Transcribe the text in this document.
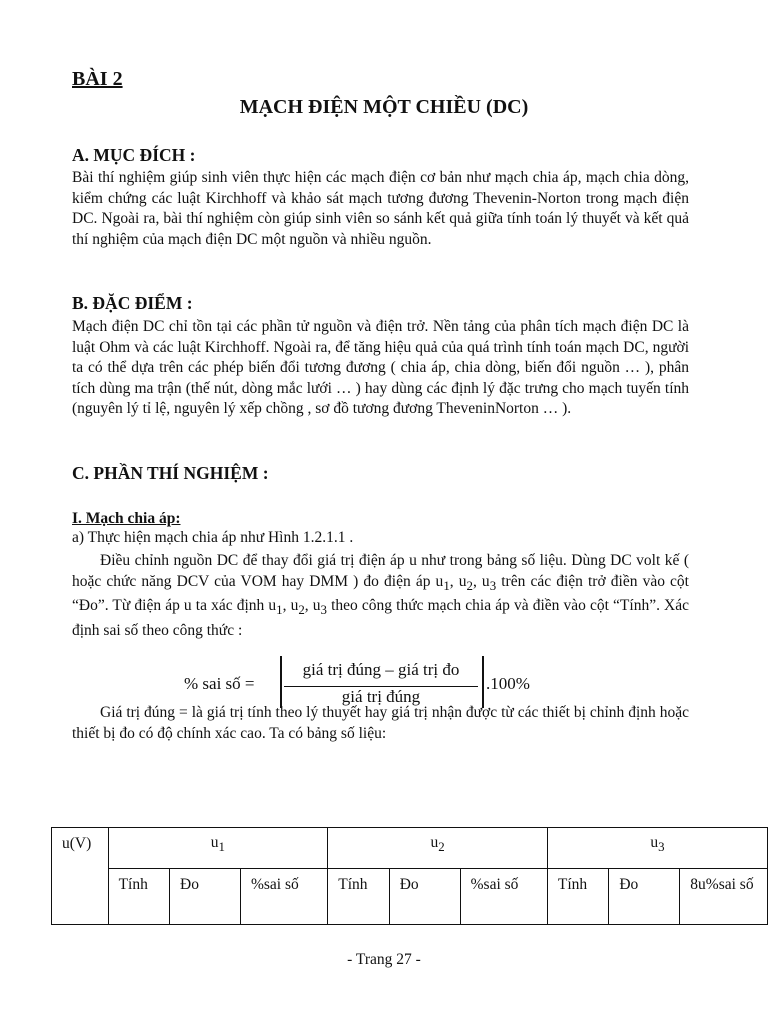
BÀI 2
MẠCH ĐIỆN MỘT CHIỀU (DC)
A. MỤC ĐÍCH :
Bài thí nghiệm giúp sinh viên thực hiện các mạch điện cơ bản như mạch chia áp, mạch chia dòng, kiểm chứng các luật Kirchhoff và khảo sát mạch tương đương Thevenin-Norton trong mạch điện DC. Ngoài ra, bài thí nghiệm còn giúp sinh viên so sánh kết quả giữa tính toán lý thuyết và kết quả thí nghiệm của mạch điện DC một nguồn và nhiều nguồn.
B. ĐẶC ĐIỂM :
Mạch điện DC chỉ tồn tại các phần tử nguồn và điện trở. Nền tảng của phân tích mạch điện DC là luật Ohm và các luật Kirchhoff. Ngoài ra, để tăng hiệu quả của quá trình tính toán mạch DC, người ta có thể dựa trên các phép biến đổi tương đương ( chia áp, chia dòng, biến đổi nguồn … ), phân tích dùng ma trận (thế nút, dòng mắc lưới … ) hay dùng các định lý đặc trưng cho mạch tuyến tính (nguyên lý tỉ lệ, nguyên lý xếp chồng , sơ đồ tương đương TheveninNorton … ).
C. PHẦN THÍ NGHIỆM :
I. Mạch chia áp:
a) Thực hiện mạch chia áp như Hình 1.2.1.1 .
Điều chỉnh nguồn DC để thay đổi giá trị điện áp u như trong bảng số liệu. Dùng DC volt kế ( hoặc chức năng DCV của VOM hay DMM ) đo điện áp $u_1$, $u_2$, $u_3$ trên các điện trở điền vào cột “Đo”. Từ điện áp u ta xác định $u_1$, $u_2$, $u_3$ theo công thức mạch chia áp và điền vào cột “Tính”. Xác định sai số theo công thức :
% sai số =
giá trị đúng – giá trị đo
giá trị đúng
.100%
Giá trị đúng = là giá trị tính theo lý thuyết hay giá trị nhận được từ các thiết bị chỉnh định hoặc thiết bị đo có độ chính xác cao. Ta có bảng số liệu:
u(V)	$u_1$			$u_2$			$u_3$
	Tính	Đo	%sai số	Tính	Đo	%sai số	Tính	Đo	8u%sai số
- Trang 27 -
